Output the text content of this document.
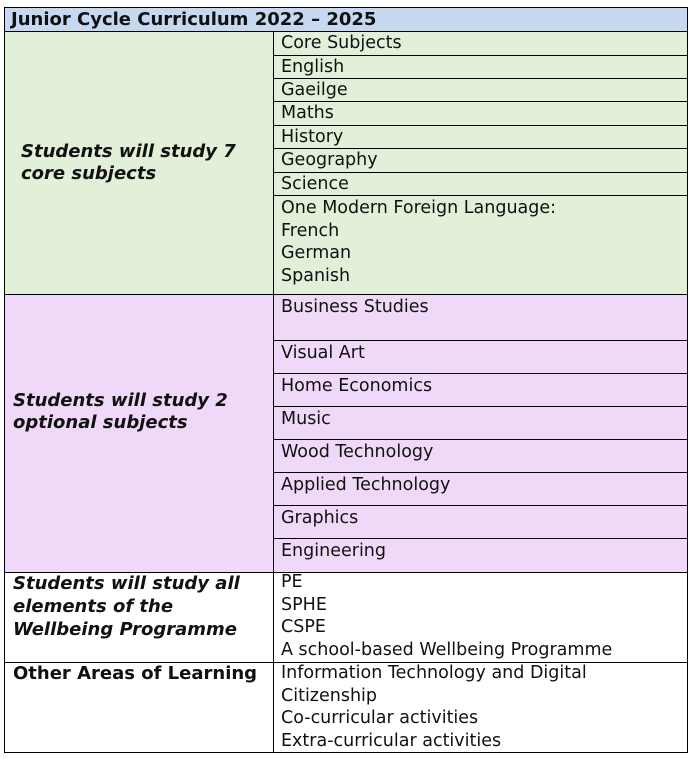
Junior Cycle Curriculum 2022 – 2025
Students will study 7
core subjects
Core Subjects
English
Gaeilge
Maths
History
Geography
Science
One Modern Foreign Language:
French
German
Spanish
Students will study 2
optional subjects
Business Studies
Visual Art
Home Economics
Music
Wood Technology
Applied Technology
Graphics
Engineering
Students will study all
elements of the
Wellbeing Programme
PE
SPHE
CSPE
A school-based Wellbeing Programme
Other Areas of Learning Information Technology and Digital
Citizenship
Co-curricular activities
Extra-curricular activities
